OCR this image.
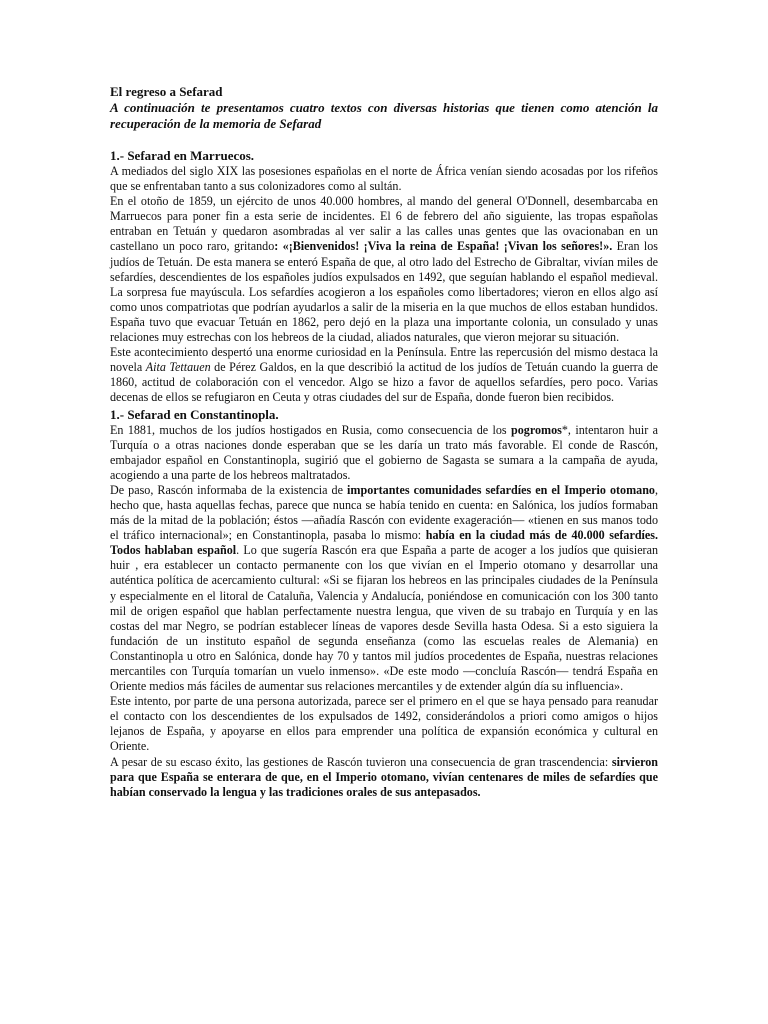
El regreso a Sefarad

A continuación te presentamos cuatro textos con diversas historias que tienen como atención la recuperación de la memoria de Sefarad

1.- Sefarad en Marruecos.

A mediados del siglo XIX las posesiones españolas en el norte de África venían siendo acosadas por los rifeños que se enfrentaban tanto a sus colonizadores como al sultán.

En el otoño de 1859, un ejército de unos 40.000 hombres, al mando del general O'Donnell, desembarcaba en Marruecos para poner fin a esta serie de incidentes. El 6 de febrero del año siguiente, las tropas españolas entraban en Tetuán y quedaron asombradas al ver salir a las calles unas gentes que las ovacionaban en un castellano un poco raro, gritando: «¡Bienvenidos! ¡Viva la reina de España! ¡Vivan los señores!». Eran los judíos de Tetuán. De esta manera se enteró España de que, al otro lado del Estrecho de Gibraltar, vivían miles de sefardíes, descendientes de los españoles judíos expulsados en 1492, que seguían hablando el español medieval. La sorpresa fue mayúscula. Los sefardíes acogieron a los españoles como libertadores; vieron en ellos algo así como unos compatriotas que podrían ayudarlos a salir de la miseria en la que muchos de ellos estaban hundidos. España tuvo que evacuar Tetuán en 1862, pero dejó en la plaza una importante colonia, un consulado y unas relaciones muy estrechas con los hebreos de la ciudad, aliados naturales, que vieron mejorar su situación.

Este acontecimiento despertó una enorme curiosidad en la Península. Entre las repercusión del mismo destaca la novela Aita Tettauen de Pérez Galdos, en la que describió la actitud de los judíos de Tetuán cuando la guerra de 1860, actitud de colaboración con el vencedor. Algo se hizo a favor de aquellos sefardíes, pero poco. Varias decenas de ellos se refugiaron en Ceuta y otras ciudades del sur de España, donde fueron bien recibidos.

1.- Sefarad en Constantinopla.

En 1881, muchos de los judíos hostigados en Rusia, como consecuencia de los pogromos*, intentaron huir a Turquía o a otras naciones donde esperaban que se les daría un trato más favorable. El conde de Rascón, embajador español en Constantinopla, sugirió que el gobierno de Sagasta se sumara a la campaña de ayuda, acogiendo a una parte de los hebreos maltratados.

De paso, Rascón informaba de la existencia de importantes comunidades sefardíes en el Imperio otomano, hecho que, hasta aquellas fechas, parece que nunca se había tenido en cuenta: en Salónica, los judíos formaban más de la mitad de la población; éstos —añadía Rascón con evidente exageración— «tienen en sus manos todo el tráfico internacional»; en Constantinopla, pasaba lo mismo: había en la ciudad más de 40.000 sefardíes. Todos hablaban español. Lo que sugería Rascón era que España a parte de acoger a los judíos que quisieran huir , era establecer un contacto permanente con los que vivían en el Imperio otomano y desarrollar una auténtica política de acercamiento cultural: «Si se fijaran los hebreos en las principales ciudades de la Península y especialmente en el litoral de Cataluña, Valencia y Andalucía, poniéndose en comunicación con los 300 tanto mil de origen español que hablan perfectamente nuestra lengua, que viven de su trabajo en Turquía y en las costas del mar Negro, se podrían establecer líneas de vapores desde Sevilla hasta Odesa. Si a esto siguiera la fundación de un instituto español de segunda enseñanza (como las escuelas reales de Alemania) en Constantinopla u otro en Salónica, donde hay 70 y tantos mil judíos procedentes de España, nuestras relaciones mercantiles con Turquía tomarían un vuelo inmenso». «De este modo —concluía Rascón— tendrá España en Oriente medios más fáciles de aumentar sus relaciones mercantiles y de extender algún día su influencia».

Este intento, por parte de una persona autorizada, parece ser el primero en el que se haya pensado para reanudar el contacto con los descendientes de los expulsados de 1492, considerándolos a priori como amigos o hijos lejanos de España, y apoyarse en ellos para emprender una política de expansión económica y cultural en Oriente.

A pesar de su escaso éxito, las gestiones de Rascón tuvieron una consecuencia de gran trascendencia: sirvieron para que España se enterara de que, en el Imperio otomano, vivían centenares de miles de sefardíes que habían conservado la lengua y las tradiciones orales de sus antepasados.
